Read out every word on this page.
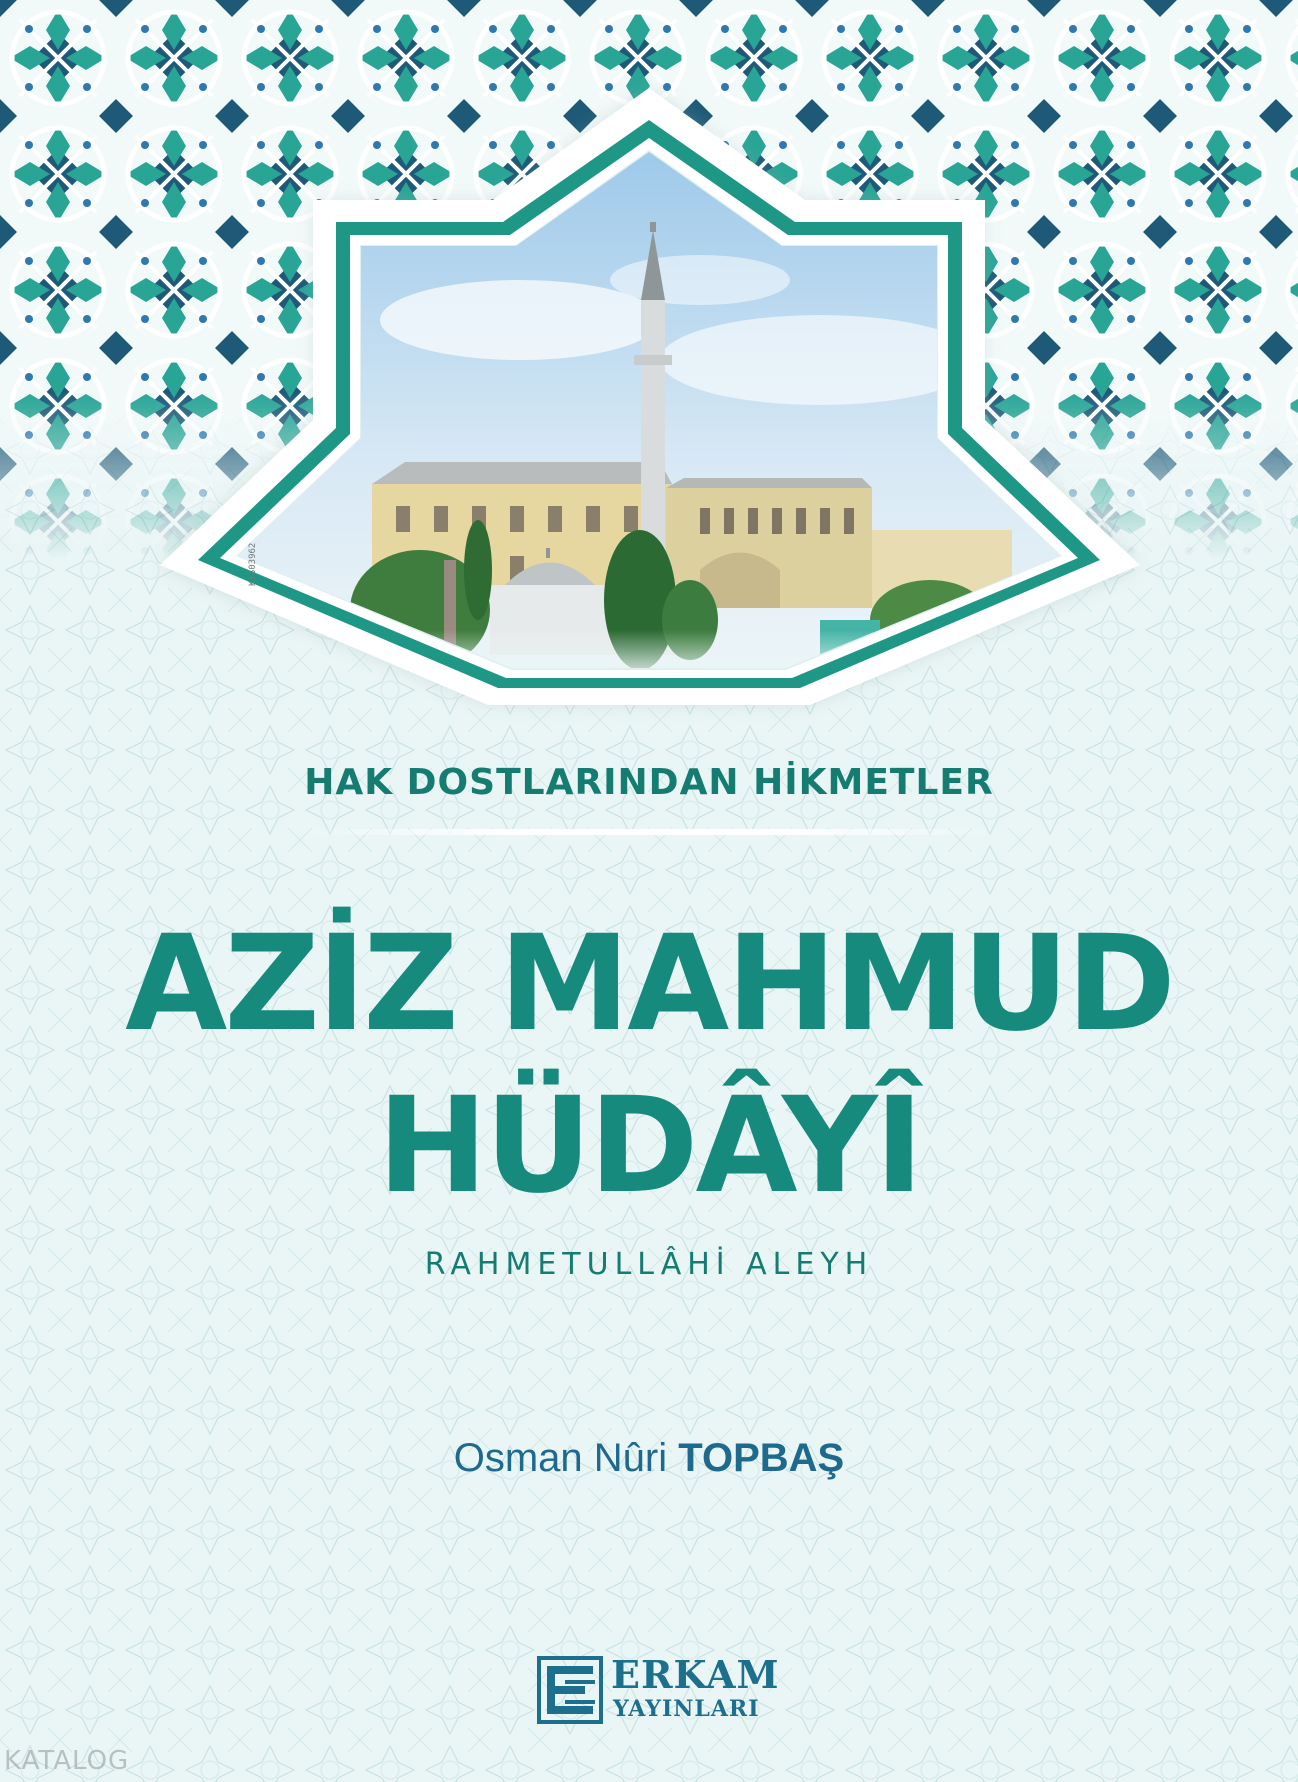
Ki803962
HAK DOSTLARINDAN HİKMETLER
AZİZ MAHMUD
HÜDÂYÎ
RAHMETULLÂHİ ALEYH
Osman Nûri TOPBAŞ
ERKAM
YAYINLARI
KATALOG
